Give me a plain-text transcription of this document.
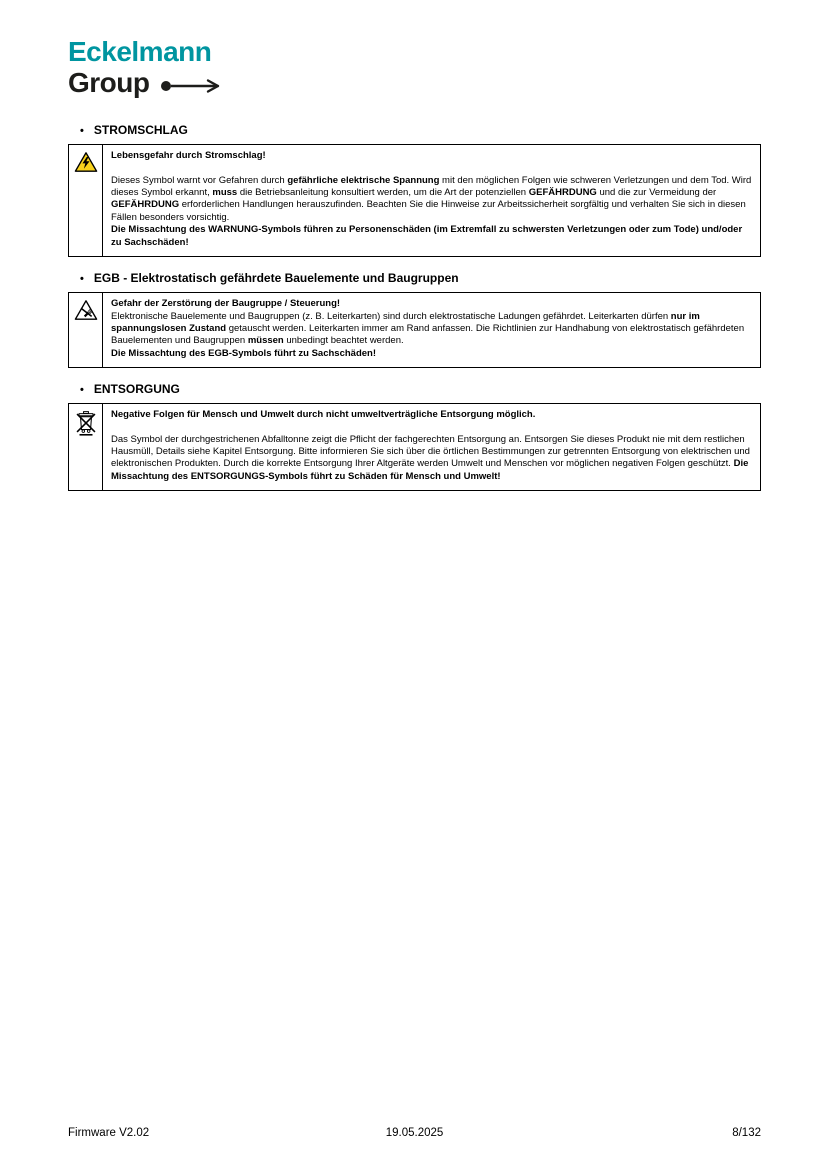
Eckelmann
Group
• STROMSCHLAG

Lebensgefahr durch Stromschlag!

Dieses Symbol warnt vor Gefahren durch gefährliche elektrische Spannung mit den möglichen Folgen wie schweren Verletzungen und dem Tod. Wird dieses Symbol erkannt, muss die Betriebsanleitung konsultiert werden, um die Art der potenziellen GEFÄHRDUNG und die zur Vermeidung der GEFÄHRDUNG erforderlichen Handlungen herauszufinden. Beachten Sie die Hinweise zur Arbeitssicherheit sorgfältig und verhalten Sie sich in diesen Fällen besonders vorsichtig.

Die Missachtung des WARNUNG-Symbols führen zu Personenschäden (im Extremfall zu schwersten Verletzungen oder zum Tode) und/oder zu Sachschäden!

• EGB - Elektrostatisch gefährdete Bauelemente und Baugruppen

Gefahr der Zerstörung der Baugruppe / Steuerung!

Elektronische Bauelemente und Baugruppen (z. B. Leiterkarten) sind durch elektrostatische Ladungen gefährdet. Leiterkarten dürfen nur im spannungslosen Zustand getauscht werden. Leiterkarten immer am Rand anfassen. Die Richtlinien zur Handhabung von elektrostatisch gefährdeten Bauelementen und Baugruppen müssen unbedingt beachtet werden.

Die Missachtung des EGB-Symbols führt zu Sachschäden!

• ENTSORGUNG

Negative Folgen für Mensch und Umwelt durch nicht umweltverträgliche Entsorgung möglich.

Das Symbol der durchgestrichenen Abfalltonne zeigt die Pflicht der fachgerechten Entsorgung an. Entsorgen Sie dieses Produkt nie mit dem restlichen Hausmüll, Details siehe Kapitel Entsorgung. Bitte informieren Sie sich über die örtlichen Bestimmungen zur getrennten Entsorgung von elektrischen und elektronischen Produkten. Durch die korrekte Entsorgung Ihrer Altgeräte werden Umwelt und Menschen vor möglichen negativen Folgen geschützt. Die Missachtung des ENTSORGUNGS-Symbols führt zu Schäden für Mensch und Umwelt!

Firmware V2.02	19.05.2025	8/132
